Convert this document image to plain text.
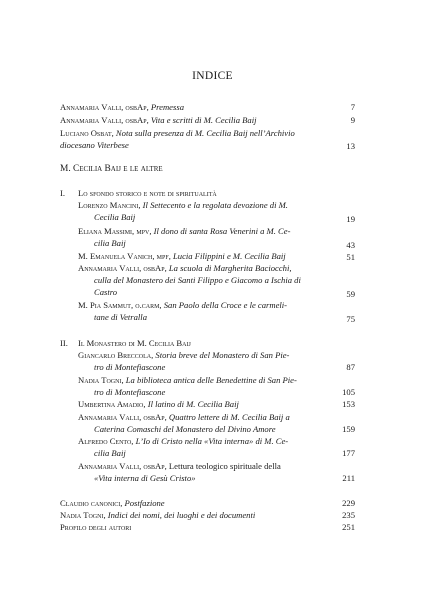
INDICE
Annamaria Valli, osbAp, Premessa	7
Annamaria Valli, osbAp, Vita e scritti di M. Cecilia Baij	9
Luciano Osbat, Nota sulla presenza di M. Cecilia Baij nell’Archivio
diocesano Viterbese	13
M. Cecilia Baij e le altre
I. Lo sfondo storico e note di spiritualità
Lorenzo Mancini, Il Settecento e la regolata devozione di M.
Cecilia Baij	19
Eliana Massimi, mpv, Il dono di santa Rosa Venerini a M. Ce-
cilia Baij	43
M. Emanuela Vanich, mpf, Lucia Filippini e M. Cecilia Baij	51
Annamaria Valli, osbAp, La scuola di Margherita Baciocchi,
culla del Monastero dei Santi Filippo e Giacomo a Ischia di
Castro	59
M. Pia Sammut, o.carm, San Paolo della Croce e le carmeli-
tane di Vetralla	75
II. Il Monastero di M. Cecilia Baij
Giancarlo Breccola, Storia breve del Monastero di San Pie-
tro di Montefiascone	87
Nadia Togni, La biblioteca antica delle Benedettine di San Pie-
tro di Montefiascone	105
Umbertina Amadio, Il latino di M. Cecilia Baij	153
Annamaria Valli, osbAp, Quattro lettere di M. Cecilia Baij a
Caterina Comaschi del Monastero del Divino Amore	159
Alfredo Cento, L’Io di Cristo nella «Vita interna» di M. Ce-
cilia Baij	177
Annamaria Valli, osbAp, Lettura teologico spirituale della
«Vita interna di Gesù Cristo»	211
Claudio canonici, Postfazione	229
Nadia Togni, Indici dei nomi, dei luoghi e dei documenti	235
Profilo degli autori	251
